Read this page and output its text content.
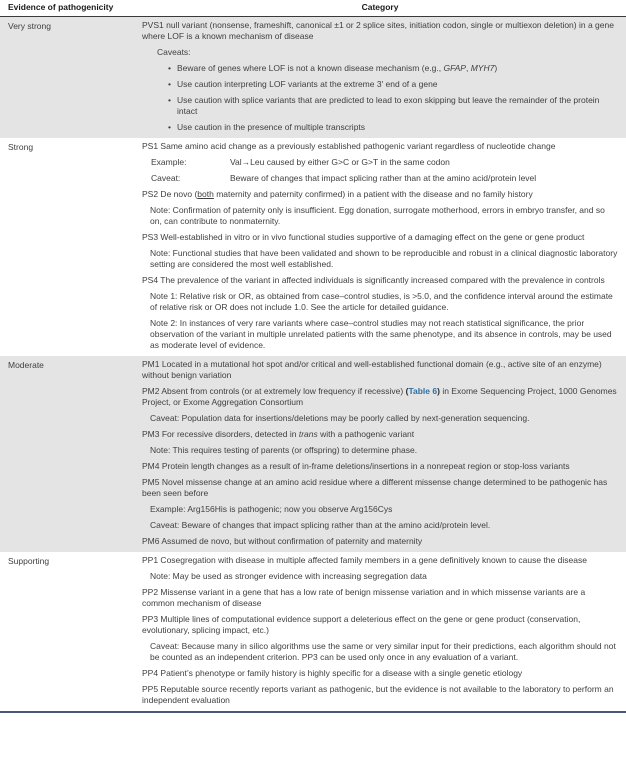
Evidence of pathogenicity	Category
Very strong	PVS1 null variant (nonsense, frameshift, canonical ±1 or 2 splice sites, initiation codon, single or multiexon deletion) in a gene where LOF is a known mechanism of disease

Caveats:

• Beware of genes where LOF is not a known disease mechanism (e.g., GFAP, MYH7)
• Use caution interpreting LOF variants at the extreme 3′ end of a gene
• Use caution with splice variants that are predicted to lead to exon skipping but leave the remainder of the protein intact
• Use caution in the presence of multiple transcripts
Strong	PS1 Same amino acid change as a previously established pathogenic variant regardless of nucleotide change

Example:	Val→Leu caused by either G>C or G>T in the same codon
Caveat:	Beware of changes that impact splicing rather than at the amino acid/protein level

PS2 De novo (both maternity and paternity confirmed) in a patient with the disease and no family history

Note: Confirmation of paternity only is insufficient. Egg donation, surrogate motherhood, errors in embryo transfer, and so on, can contribute to nonmaternity.

PS3 Well-established in vitro or in vivo functional studies supportive of a damaging effect on the gene or gene product

Note: Functional studies that have been validated and shown to be reproducible and robust in a clinical diagnostic laboratory setting are considered the most well established.

PS4 The prevalence of the variant in affected individuals is significantly increased compared with the prevalence in controls

Note 1: Relative risk or OR, as obtained from case–control studies, is >5.0, and the confidence interval around the estimate of relative risk or OR does not include 1.0. See the article for detailed guidance.

Note 2: In instances of very rare variants where case–control studies may not reach statistical significance, the prior observation of the variant in multiple unrelated patients with the same phenotype, and its absence in controls, may be used as moderate level of evidence.

Moderate	PM1 Located in a mutational hot spot and/or critical and well-established functional domain (e.g., active site of an enzyme) without benign variation

PM2 Absent from controls (or at extremely low frequency if recessive) (Table 6) in Exome Sequencing Project, 1000 Genomes Project, or Exome Aggregation Consortium

Caveat: Population data for insertions/deletions may be poorly called by next-generation sequencing.

PM3 For recessive disorders, detected in trans with a pathogenic variant

Note: This requires testing of parents (or offspring) to determine phase.

PM4 Protein length changes as a result of in-frame deletions/insertions in a nonrepeat region or stop-loss variants

PM5 Novel missense change at an amino acid residue where a different missense change determined to be pathogenic has been seen before

Example: Arg156His is pathogenic; now you observe Arg156Cys

Caveat: Beware of changes that impact splicing rather than at the amino acid/protein level.

PM6 Assumed de novo, but without confirmation of paternity and maternity

Supporting	PP1 Cosegregation with disease in multiple affected family members in a gene definitively known to cause the disease

Note: May be used as stronger evidence with increasing segregation data

PP2 Missense variant in a gene that has a low rate of benign missense variation and in which missense variants are a common mechanism of disease

PP3 Multiple lines of computational evidence support a deleterious effect on the gene or gene product (conservation, evolutionary, splicing impact, etc.)

Caveat: Because many in silico algorithms use the same or very similar input for their predictions, each algorithm should not be counted as an independent criterion. PP3 can be used only once in any evaluation of a variant.

PP4 Patient’s phenotype or family history is highly specific for a disease with a single genetic etiology

PP5 Reputable source recently reports variant as pathogenic, but the evidence is not available to the laboratory to perform an independent evaluation
